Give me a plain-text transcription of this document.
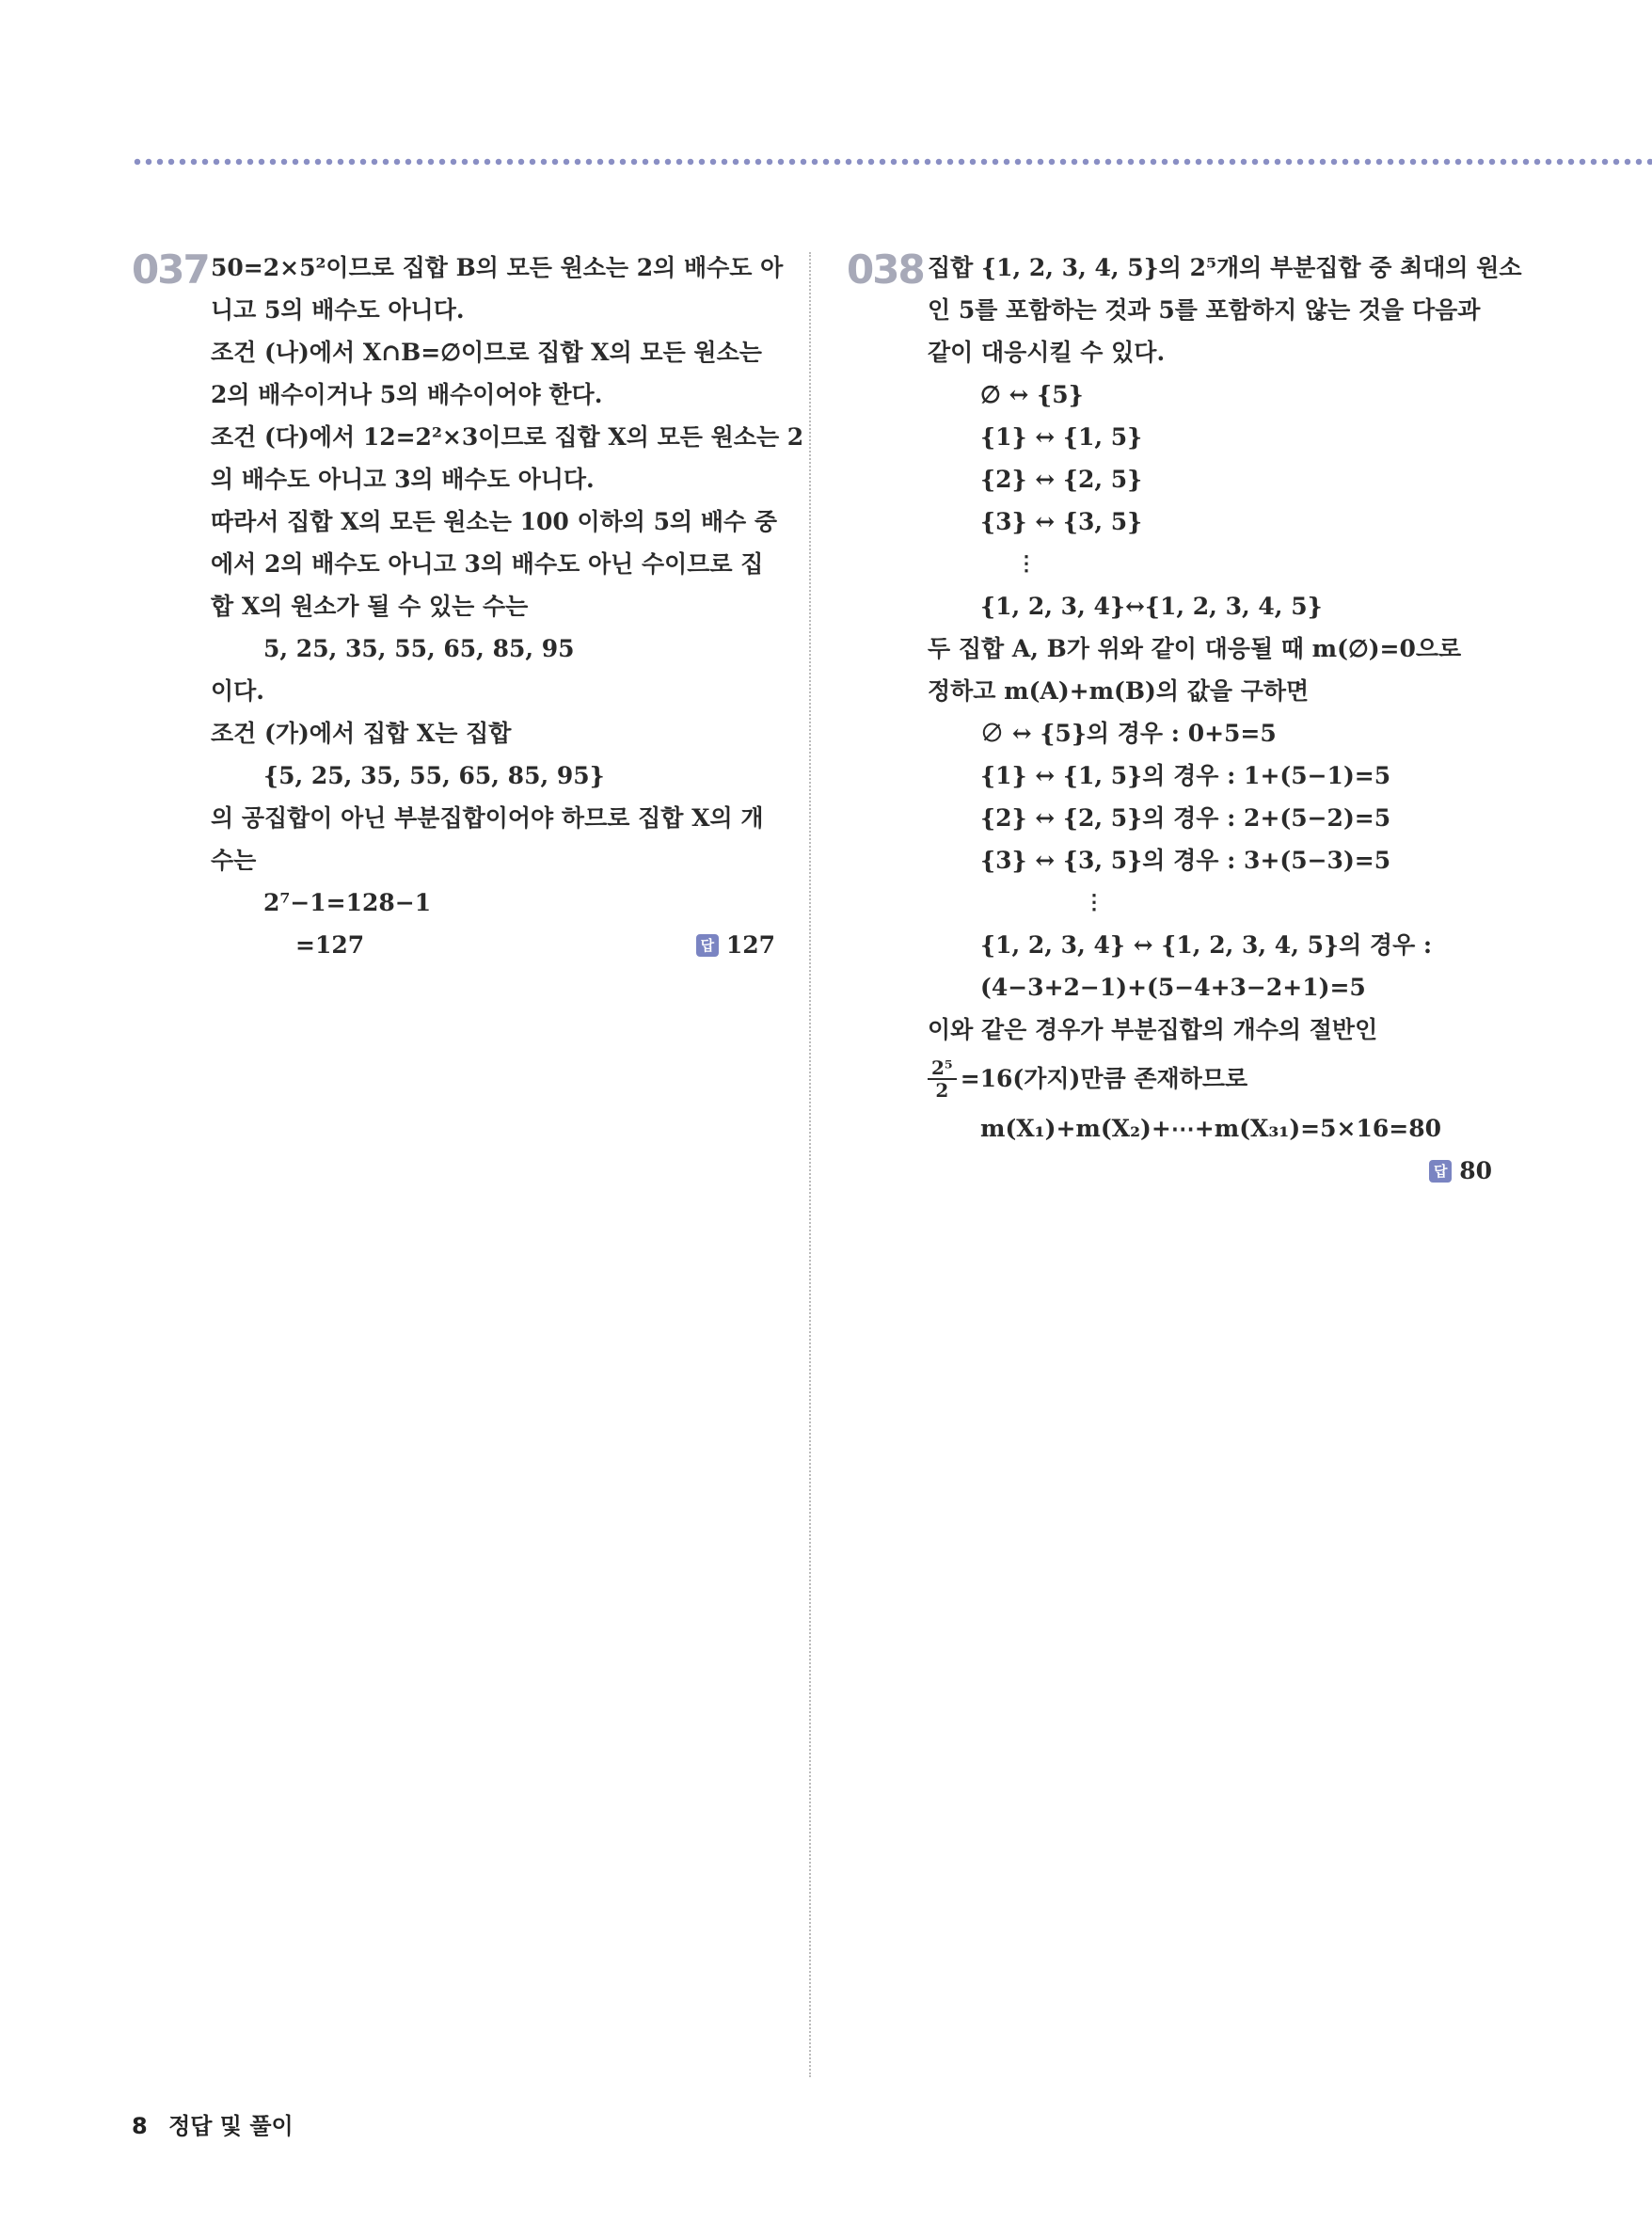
037 50=2×5²이므로 집합 B의 모든 원소는 2의 배수도 아
니고 5의 배수도 아니다.
조건 (나)에서 X∩B=∅이므로 집합 X의 모든 원소는
2의 배수이거나 5의 배수이어야 한다.
조건 (다)에서 12=2²×3이므로 집합 X의 모든 원소는 2
의 배수도 아니고 3의 배수도 아니다.
따라서 집합 X의 모든 원소는 100 이하의 5의 배수 중
에서 2의 배수도 아니고 3의 배수도 아닌 수이므로 집
합 X의 원소가 될 수 있는 수는
5, 25, 35, 55, 65, 85, 95
이다.
조건 (가)에서 집합 X는 집합
{5, 25, 35, 55, 65, 85, 95}
의 공집합이 아닌 부분집합이어야 하므로 집합 X의 개
수는
2⁷−1=128−1
=127	답 127
038 집합 {1, 2, 3, 4, 5}의 2⁵개의 부분집합 중 최대의 원소
인 5를 포함하는 것과 5를 포함하지 않는 것을 다음과
같이 대응시킬 수 있다.
∅ ↔ {5}
{1} ↔ {1, 5}
{2} ↔ {2, 5}
{3} ↔ {3, 5}
⋮
{1, 2, 3, 4}↔{1, 2, 3, 4, 5}
두 집합 A, B가 위와 같이 대응될 때 m(∅)=0으로
정하고 m(A)+m(B)의 값을 구하면
∅ ↔ {5}의 경우 : 0+5=5
{1} ↔ {1, 5}의 경우 : 1+(5−1)=5
{2} ↔ {2, 5}의 경우 : 2+(5−2)=5
{3} ↔ {3, 5}의 경우 : 3+(5−3)=5
⋮
{1, 2, 3, 4} ↔ {1, 2, 3, 4, 5}의 경우 :
(4−3+2−1)+(5−4+3−2+1)=5
이와 같은 경우가 부분집합의 개수의 절반인
$\frac{\text{2⁵}}{2} =16$(가지)만큼 존재하므로
m(X₁)+m(X₂)+⋯+m(X₃₁)=5×16=80
답 80
8 정답 및 풀이
